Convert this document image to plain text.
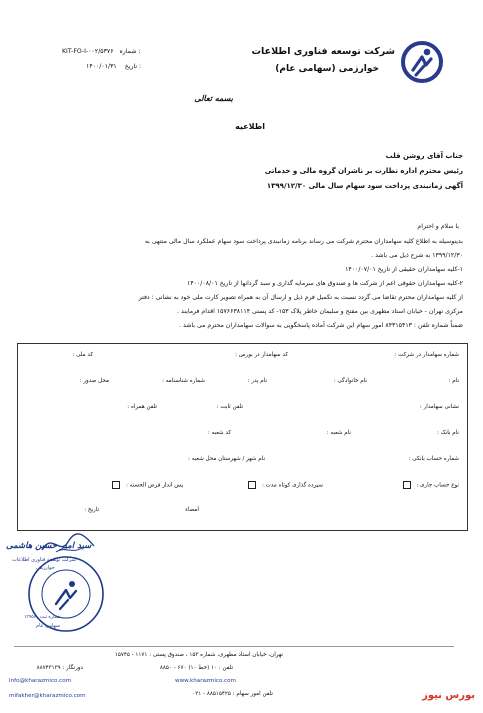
شرکت توسعه فناوری اطلاعات
خوارزمی (سهامی عام)
KIT-FO-I-۰۰۲/۵۳۷۶ شماره :
۱۴۰۰/۰۱/۳۱ تاریخ :
بسمه تعالی
اطلاعیه
جناب آقای روشن قلب
رئیس محترم اداره نظارت بر ناشران گروه مالی و خدماتی
آگهی زمانبندی پرداخت سود سهام سال مالی ۱۳۹۹/۱۲/۳۰
با سلام و احترام
بدینوسیله به اطلاع کلیه سهامداران محترم شرکت می رساند برنامه زمانبندی پرداخت سود سهام عملکرد سال مالی منتهی به
۱۳۹۹/۱۲/۳۰ به شرح ذیل می باشد .
۱-کلیه سهامداران حقیقی از تاریخ ۱۴۰۰/۰۷/۰۱
۲-کلیه سهامداران حقوقی اعم از شرکت ها و صندوق های سرمایه گذاری و سبد گردانها از تاریخ ۱۴۰۰/۰۸/۰۱
از کلیه سهامداران محترم تقاضا می گردد نسبت به تکمیل فرم ذیل و ارسال آن به همراه تصویر کارت ملی خود به نشانی : دفتر
مرکزی تهران - خیابان استاد مطهری بین مفتح و سلیمان خاطر پلاک ۱۵۳- کد پستی ۱۵۷۶۶۳۸۱۱۴ اقدام فرمایند .
ضمناً شماره تلفن : ۸۴۳۱۵۴۱۳ امور سهام این شرکت آماده پاسخگویی به سوالات سهامداران محترم می باشد .
شماره سهامدار در شرکت :
کد سهامدار در بورس :
کد ملی :
نام :
نام خانوادگی :
نام پدر :
شماره شناسنامه :
محل صدور :
نشانی سهامدار :
تلفن ثابت :
تلفن همراه :
نام بانک :
نام شعبه :
کد شعبه :
شماره حساب بانکی :
نام شهر / شهرستان محل شعبه :
نوع حساب جاری :
سپرده گذاری کوتاه مدت :
پس انداز قرض الحسنه :
امضاء
تاریخ :
سید امیر حسین هاشمی
شرکت توسعه فناوری اطلاعات
خوارزمی
سهامی عام
شماره ثبت ۱۳۹۵۶۰
تهران، خیابان استاد مطهری، شماره ۱۵۳ ، صندوق پستی : ۱۱۷۱ - ۱۵۷۴۵
تلفن : ۱۰ (خط ۱۰) ۶۷۰ - ۸۸۵۰
دورنگار : ۸۸۷۴۳۱۳۹
info@kharazmico.com	www.kharazmico.com
تلفن امور سهام : ۸۸۵۱۵۴۲۵ - ۰۲۱
mifakher@kharazmico.com	بورس نیوز
